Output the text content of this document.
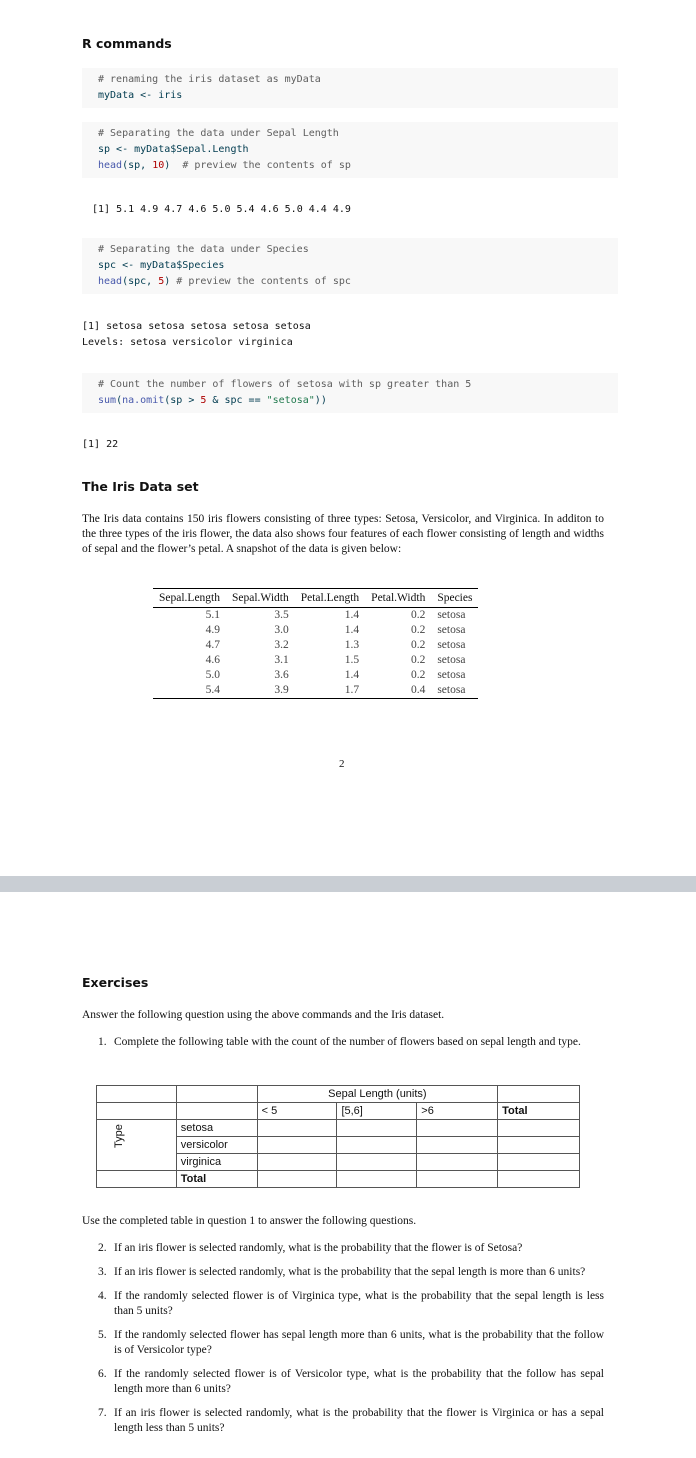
R commands
# renaming the iris dataset as myData
myData <- iris
# Separating the data under Sepal Length
sp <- myData$Sepal.Length
head(sp, 10)  # preview the contents of sp
[1] 5.1 4.9 4.7 4.6 5.0 5.4 4.6 5.0 4.4 4.9
# Separating the data under Species
spc <- myData$Species
head(spc, 5) # preview the contents of spc
[1] setosa setosa setosa setosa setosa
Levels: setosa versicolor virginica
# Count the number of flowers of setosa with sp greater than 5
sum(na.omit(sp > 5 & spc == "setosa"))
[1] 22
The Iris Data set
The Iris data contains 150 iris flowers consisting of three types: Setosa, Versicolor, and Virginica. In additon to the three types of the iris flower, the data also shows four features of each flower consisting of length and widths of sepal and the flower’s petal. A snapshot of the data is given below:
Sepal.Length	Sepal.Width	Petal.Length	Petal.Width	Species
5.1	3.5	1.4	0.2	setosa
4.9	3.0	1.4	0.2	setosa
4.7	3.2	1.3	0.2	setosa
4.6	3.1	1.5	0.2	setosa
5.0	3.6	1.4	0.2	setosa
5.4	3.9	1.7	0.4	setosa
2
Exercises
Answer the following question using the above commands and the Iris dataset.
1. Complete the following table with the count of the number of flowers based on sepal length and type.
		Sepal Length (units)			
		< 5	[5,6]	>6	Total

Type	setosa				
	versicolor				
	virginica				
	Total				
Use the completed table in question 1 to answer the following questions.
2. If an iris flower is selected randomly, what is the probability that the flower is of Setosa?
3. If an iris flower is selected randomly, what is the probability that the sepal length is more than 6 units?
4. If the randomly selected flower is of Virginica type, what is the probability that the sepal length is less than 5 units?
5. If the randomly selected flower has sepal length more than 6 units, what is the probability that the follow is of Versicolor type?
6. If the randomly selected flower is of Versicolor type, what is the probability that the follow has sepal length more than 6 units?
7. If an iris flower is selected randomly, what is the probability that the flower is Virginica or has a sepal length less than 5 units?
